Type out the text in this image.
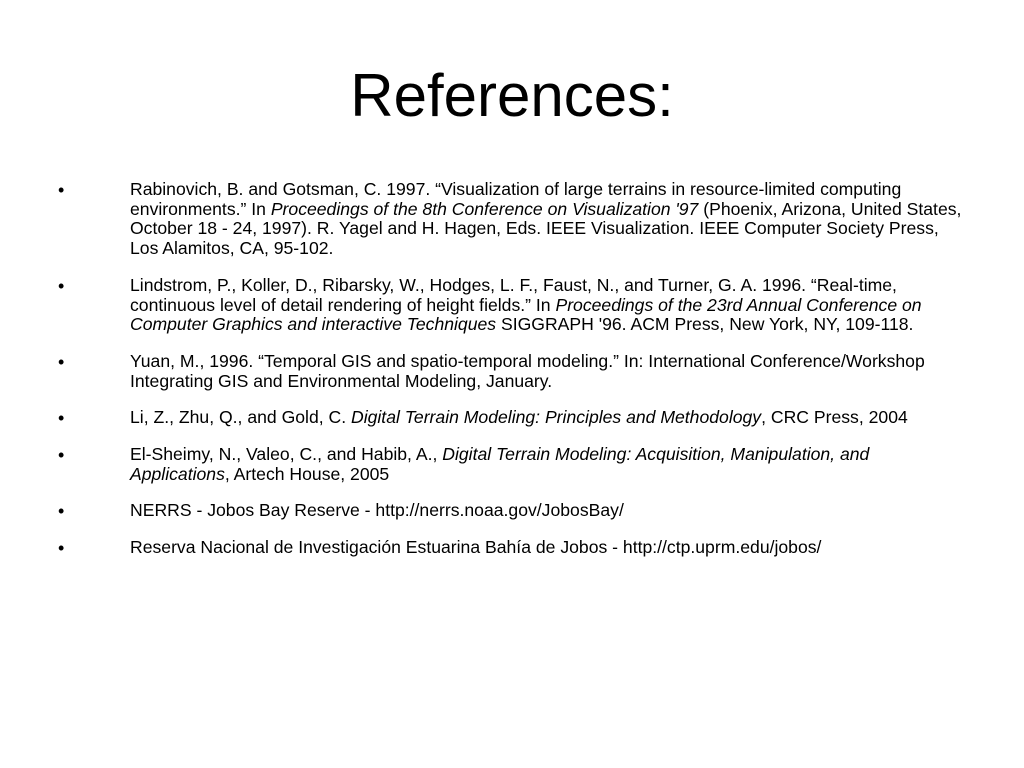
References:
•	Rabinovich, B. and Gotsman, C. 1997. “Visualization of large terrains in resource-limited computing environments.” In Proceedings of the 8th Conference on Visualization '97 (Phoenix, Arizona, United States, October 18 - 24, 1997). R. Yagel and H. Hagen, Eds. IEEE Visualization. IEEE Computer Society Press, Los Alamitos, CA, 95-102.
•	Lindstrom, P., Koller, D., Ribarsky, W., Hodges, L. F., Faust, N., and Turner, G. A. 1996. “Real-time, continuous level of detail rendering of height fields.” In Proceedings of the 23rd Annual Conference on Computer Graphics and interactive Techniques SIGGRAPH '96. ACM Press, New York, NY, 109-118.
•	Yuan, M., 1996. “Temporal GIS and spatio-temporal modeling.” In: International Conference/Workshop Integrating GIS and Environmental Modeling, January.
•	Li, Z., Zhu, Q., and Gold, C. Digital Terrain Modeling: Principles and Methodology, CRC Press, 2004
•	El-Sheimy, N., Valeo, C., and Habib, A., Digital Terrain Modeling: Acquisition, Manipulation, and Applications, Artech House, 2005
•	NERRS - Jobos Bay Reserve - http://nerrs.noaa.gov/JobosBay/
•	Reserva Nacional de Investigación Estuarina Bahía de Jobos - http://ctp.uprm.edu/jobos/
